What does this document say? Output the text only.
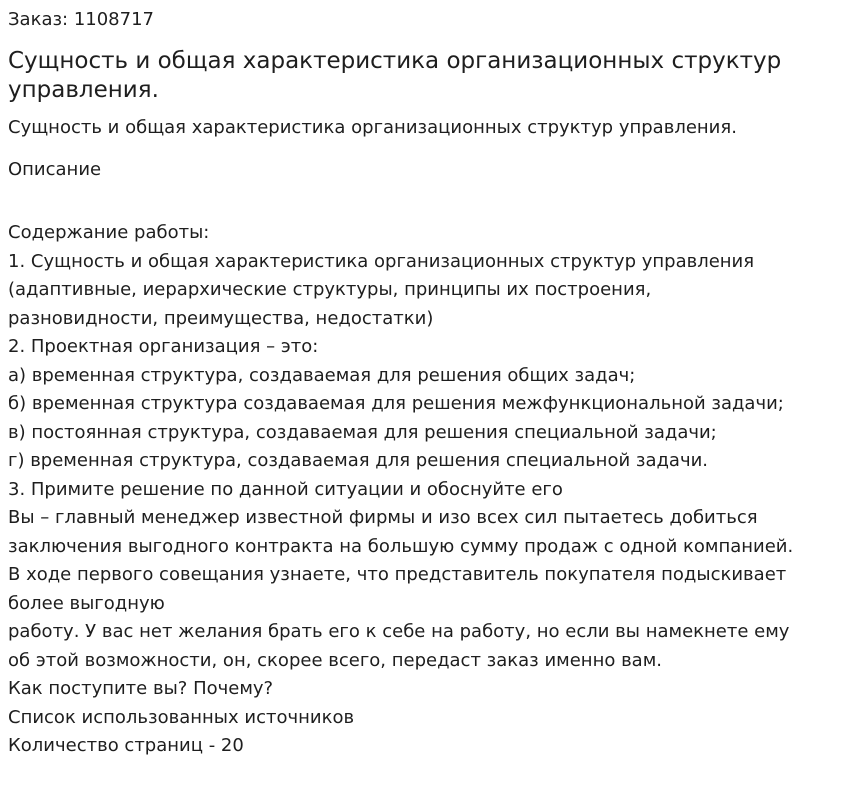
Заказ: 1108717
Сущность и общая характеристика организационных структур управления.
Сущность и общая характеристика организационных структур управления.
Описание
Содержание работы:
1. Сущность и общая характеристика организационных структур управления
(адаптивные, иерархические структуры, принципы их построения,
разновидности, преимущества, недостатки)
2. Проектная организация – это:
а) временная структура, создаваемая для решения общих задач;
б) временная структура создаваемая для решения межфункциональной задачи;
в) постоянная структура, создаваемая для решения специальной задачи;
г) временная структура, создаваемая для решения специальной задачи.
3. Примите решение по данной ситуации и обоснуйте его
Вы – главный менеджер известной фирмы и изо всех сил пытаетесь добиться
заключения выгодного контракта на большую сумму продаж с одной компанией.
В ходе первого совещания узнаете, что представитель покупателя подыскивает
более выгодную
работу. У вас нет желания брать его к себе на работу, но если вы намекнете ему
об этой возможности, он, скорее всего, передаст заказ именно вам.
Как поступите вы? Почему?
Список использованных источников
Количество страниц - 20
